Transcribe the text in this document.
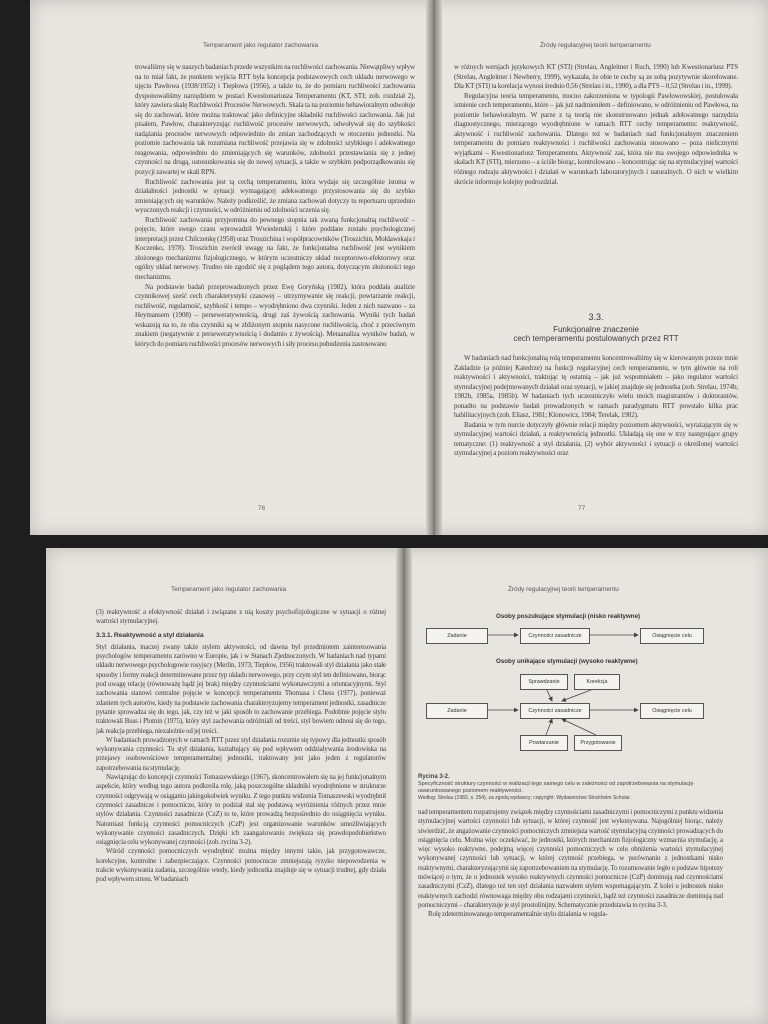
Temperament jako regulator zachowania

trowaliśmy się w naszych badaniach przede wszystkim na ruchliwości zachowania. Niewątpliwy wpływ na to miał fakt, że punktem wyjścia RTT była koncepcja podstawowych cech układu nerwowego w ujęciu Pawłowa (1938/1952) i Tiepłowa (1956), a także to, że do pomiaru ruchliwości zachowania dysponowaliśmy narzędziem w postaci Kwestionariusza Temperamentu (KT, STI; zob. rozdział 2), który zawiera skalę Ruchliwości Procesów Nerwowych. Skala ta na poziomie behawioralnym odwołuje się do zachowań, które można traktować jako definicyjne składniki ruchliwości zachowania. Jak już pisałem, Pawłow, charakteryzując ruchliwość procesów nerwowych, odwoływał się do szybkości nadążania procesów nerwowych odpowiednio do zmian zachodzących w otoczeniu jednostki. Na poziomie zachowania tak rozumiana ruchliwość przejawia się w zdolności szybkiego i adekwatnego reagowania, odpowiednio do zmieniających się warunków, zdolności przestawiania się z jednej czynności na drugą, ustosunkowania się do nowej sytuacji, a także w szybkim podporządkowaniu się pozycji zawartej w skali RPN.

Ruchliwość zachowania jest tą cechą temperamentu, która wydaje się szczególnie istotna w działalności jednostki w sytuacji wymagającej adekwatnego przystosowania się do szybko zmieniających się warunków. Należy podkreślić, że zmiana zachowań dotyczy tu repertuaru uprzednio wyuczonych reakcji i czynności, w odróżnieniu od zdolności uczenia się.

Ruchliwość zachowania przypomina do pewnego stopnia tak zwaną funkcjonalną ruchliwość – pojęcie, które swego czasu wprowadził Wwiedenskij i które poddane zostało psychologicznej interpretacji przez Chilczenkę (1958) oraz Troszichina i współpracowników (Troszichin, Mołdawskaja i Koczenko, 1978). Troszichin zwrócił uwagę na fakt, że funkcjonalna ruchliwość jest wynikiem złożonego mechanizmu fizjologicznego, w którym uczestniczy układ receptorowo-efektorowy oraz ogólny układ nerwowy. Trudno nie zgodzić się z poglądem tego autora, dotyczącym złożoności tego mechanizmu.

Na podstawie badań przeprowadzonych przez Ewę Goryńską (1982), która poddała analizie czynnikowej sześć cech charakterystyki czasowej – utrzymywanie się reakcji, powtarzanie reakcji, ruchliwość, regularność, szybkość i tempo – wyodrębniono dwa czynniki. Jeden z nich nazwano – za Heymansem (1908) – perseweratywnością, drugi zaś żywością zachowania. Wyniki tych badań wskazują na to, że oba czynniki są w zbliżonym stopniu nasycone ruchliwością, choć z przeciwnym znakiem (negatywnie z perseweratywnością i dodatnio z żywością). Metaanaliza wyników badań, w których do pomiaru ruchliwości procesów nerwowych i siły procesu pobudzenia zastosowano

76
Źródy regulacyjnej teorii temperamentu

w różnych wersjach językowych KT (STI) (Strelau, Angleitner i Ruch, 1990) lub Kwestionariusz PTS (Strelau, Angleitner i Newberry, 1999), wykazała, że obie te cechy są ze sobą pozytywnie skorelowane. Dla KT (STI) ta korelacja wynosi średnio 0,56 (Strelau i in., 1990), a dla PTS – 0,52 (Strelau i in., 1999).

Regulacyjna teoria temperamentu, mocno zakorzeniona w typologii Pawłowowskiej, postulowała istnienie cech temperamentu, które – jak już nadmieniłem – definiowano, w odróżnieniu od Pawłowa, na poziomie behawioralnym. W parze z tą teorią nie skonstruowano jednak adekwatnego narzędzia diagnostycznego, mierzącego wyodrębnione w ramach RTT cechy temperamentu: reaktywność, aktywność i ruchliwość zachowania. Dlatego też w badaniach nad funkcjonalnym znaczeniem temperamentu do pomiaru reaktywności i ruchliwości zachowania stosowano – poza nielicznymi wyjątkami – Kwestionariusz Temperamentu. Aktywność zaś, która nie ma swojego odpowiednika w skalach KT (STI), mierzono – a ściśle biorąc, kontrolowano – koncentrując się na stymulacyjnej wartości różnego rodzaju aktywności i działań w warunkach laboratoryjnych i naturalnych. O nich w wielkim skrócie informuje kolejny podrozdział.

3.3.
Funkcjonalne znaczenie
cech temperamentu postulowanych przez RTT

W badaniach nad funkcjonalną rolą temperamentu koncentrowaliśmy się w kierowanym przeze mnie Zakładzie (a później Katedrze) na funkcji regulacyjnej cech temperamentu, w tym głównie na roli reaktywności i aktywności, traktując tę ostatnią – jak już wspomniałem – jako regulator wartości stymulacyjnej podejmowanych działań oraz sytuacji, w jakiej znajduje się jednostka (zob. Strelau, 1974b, 1982b, 1985a, 1985b). W badaniach tych uczestniczyło wielu moich magistrantów i doktorantów, ponadto na podstawie badań prowadzonych w ramach paradygmatu RTT powstało kilka prac habilitacyjnych (zob. Eliasz, 1981; Klonowicz, 1984; Terelak, 1982).

Badania w tym nurcie dotyczyły głównie relacji między poziomem aktywności, wyrażającym się w stymulacyjnej wartości działań, a reaktywnością jednostki. Układają się one w trzy następujące grupy tematyczne: (1) reaktywność a styl działania, (2) wybór aktywności i sytuacji o określonej wartości stymulacyjnej a poziom reaktywności oraz

77
Temperament jako regulator zachowania

(3) reaktywność a efektywność działań i związane z nią koszty psychofizjologiczne w sytuacji o różnej wartości stymulacyjnej.

3.3.1. Reaktywność a styl działania

Styl działania, inaczej zwany także stylem aktywności, od dawna był przedmiotem zainteresowania psychologów temperamentu zarówno w Europie, jak i w Stanach Zjednoczonych. W badaniach nad typami układu nerwowego psychologowie rosyjscy (Merlin, 1973; Tiepłow, 1956) traktowali styl działania jako stałe sposoby i formy reakcji determinowane przez typ układu nerwowego, przy czym styl ten definiowano, biorąc pod uwagę relację (równoważę bądź jej brak) między czynnościami wykonawczymi a orientacyjnymi. Styl zachowania stanowi centralne pojęcie w koncepcji temperamentu Thomasa i Chess (1977), ponieważ zdaniem tych autorów, kiedy na podstawie zachowania charakteryzujemy temperament jednostki, zasadnicze pytanie sprowadza się do tego, jak, czy też w jaki sposób to zachowanie przebiega. Podobnie pojęcie stylu traktowali Buss i Plomin (1975), który styl zachowania odróżniali od treści, styl bowiem odnosi się do tego, jak reakcja przebiega, niezależnie od jej treści.

W badaniach prowadzonych w ramach RTT przez styl działania rozumie się typowy dla jednostki sposób wykonywania czynności. Tu styl działania, kształtujący się pod wpływem oddziaływania środowiska na przejawy osobowościowe temperamentalnej jednostki, traktowany jest jako jeden z regulatorów zapotrzebowania na stymulację.

Nawiązując do koncepcji czynności Tomaszewskiego (1967), skoncentrowałem się na jej funkcjonalnym aspekcie, który według tego autora podkreśla rolę, jaką poszczególne składniki wyodrębnione w strukturze czynności odgrywają w osiąganiu jakiegokolwiek wyniku. Z tego punktu widzenia Tomaszewski wyodrębnił czynności zasadnicze i pomocnicze, który to podział stał się podstawą wyróżnienia różnych przez mnie stylów działania. Czynności zasadnicze (CzZ) to te, które prowadzą bezpośrednio do osiągnięcia wyniku. Natomiast funkcją czynności pomocniczych (CzP) jest organizowanie warunków umożliwiających wykonywanie czynności zasadniczych. Dzięki ich zaangażowaniu zwiększa się prawdopodobieństwo osiągnięcia celu wykonywanej czynności (zob. rycina 3-2).

Wśród czynności pomocniczych wyodrębnić można między innymi takie, jak przygotowawcze, korekcyjne, kontrolne i zabezpieczające. Czynności pomocnicze zmniejszają ryzyko niepowodzenia w trakcie wykonywania zadania, szczególnie wtedy, kiedy jednostka znajduje się w sytuacji trudnej, gdy działa pod wpływem stresu. W badaniach

Źródy regulacyjnej teorii temperamentu
Osoby poszukujące stymulacji (nisko reaktywne)
Zadanie	Czynności zasadnicze	Osiągnięcie celu
Osoby unikające stymulacji (wysoko reaktywne)
Sprawdzanie	Korekcja
Zadanie	Czynności zasadnicze	Osiągnięcie celu
Powtarzanie	Przygotowanie
Rycina 3-2.
Specyficzność struktury czynności w realizacji tego samego celu w zależności od zapotrzebowania na stymulację uwarunkowanego poziomem reaktywności.
Według: Strelau (1983, s. 254), za zgodą wydawcy; copyright: Wydawnictwo Stockholm Scholar.

nad temperamentem rozpatrujemy związek między czynnościami zasadniczymi i pomocniczymi z punktu widzenia stymulacyjnej wartości czynności lub sytuacji, w której czynność jest wykonywana. Najogólniej biorąc, należy stwierdzić, że angażowanie czynności pomocniczych zmniejsza wartość stymulacyjną czynności prowadzących do osiągnięcia celu. Można więc oczekiwać, że jednostki, których mechanizm fizjologiczny wzmacnia stymulację, a więc wysoko reaktywne, podejmą więcej czynności pomocniczych w celu obniżenia wartości stymulacyjnej wykonywanej czynności lub sytuacji, w której czynność przebiega, w porównaniu z jednostkami nisko reaktywnymi, charakteryzującymi się zapotrzebowaniem na stymulację. To rozumowanie legło u podstaw hipotezy mówiącej o tym, że u jednostek wysoko reaktywnych czynności pomocnicze (CzP) dominują nad czynnościami zasadniczymi (CzZ), dlatego też ten styl działania nazwałem stylem wspomagającym. Z kolei u jednostek nisko reaktywnych zachodzi równowaga między obu rodzajami czynności, bądź też czynności zasadnicze dominują nad pomocniczymi – charakteryzuje je styl prostolinijny. Schematycznie przedstawia to rycina 3-3.

Rolę zdeterminowanego temperamentalnie stylu działania w regula-
